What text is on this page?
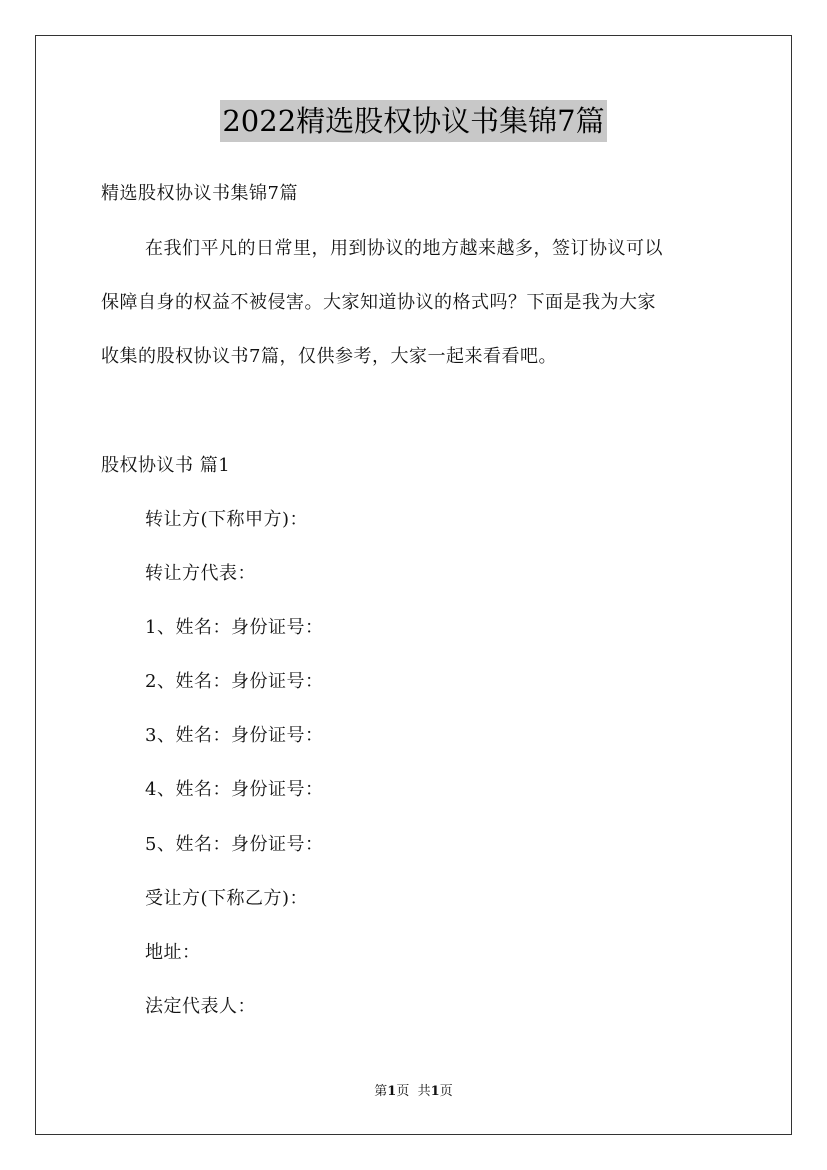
2022精选股权协议书集锦7篇
精选股权协议书集锦7篇
在我们平凡的日常里，用到协议的地方越来越多，签订协议可以
保障自身的权益不被侵害。大家知道协议的格式吗？下面是我为大家
收集的股权协议书7篇，仅供参考，大家一起来看看吧。
股权协议书 篇1
转让方(下称甲方)：
转让方代表：
1、姓名：身份证号：
2、姓名：身份证号：
3、姓名：身份证号：
4、姓名：身份证号：
5、姓名：身份证号：
受让方(下称乙方)：
地址：
法定代表人：
第1页 共1页
